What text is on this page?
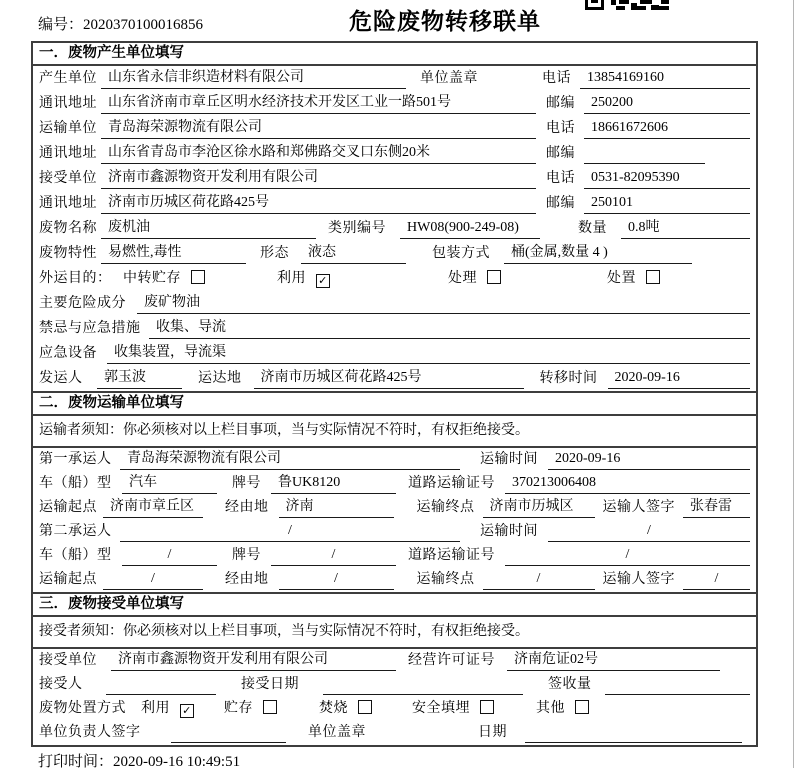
编号：2020370100016856	危险废物转移联单
一．废物产生单位填写
产生单位 山东省永信非织造材料有限公司	单位盖章	电话	13854169160
通讯地址 山东省济南市章丘区明水经济技术开发区工业一路501号	邮编	250200
运输单位 青岛海荣源物流有限公司	电话	18661672606
通讯地址 山东省青岛市李沧区徐水路和郑佛路交叉口东侧20米	邮编
接受单位 济南市鑫源物资开发利用有限公司	电话	0531-82095390
通讯地址 济南市历城区荷花路425号	邮编	250101
废物名称 废机油	类别编号	HW08(900-249-08)	数量	0.8吨
废物特性 易燃性,毒性	形态	液态	包装方式	桶(金属,数量 4 )
外运目的： 中转贮存	利用 ✓	处理	处置
主要危险成分	废矿物油
禁忌与应急措施	收集、导流
应急设备	收集装置，导流渠
发运人	郭玉波	运达地	济南市历城区荷花路425号	转移时间	2020-09-16
二．废物运输单位填写
运输者须知：你必须核对以上栏目事项，当与实际情况不符时，有权拒绝接受。
第一承运人	青岛海荣源物流有限公司	运输时间	2020-09-16
车（船）型	汽车	牌号	鲁UK8120	道路运输证号	370213006408
运输起点 济南市章丘区	经由地	济南	运输终点	济南市历城区	运输人签字	张春雷
第二承运人	/	运输时间	/
车（船）型	/	牌号	/	道路运输证号	/
运输起点	/	经由地	/	运输终点	/	运输人签字	/
三．废物接受单位填写
接受者须知：你必须核对以上栏目事项，当与实际情况不符时，有权拒绝接受。
接受单位	济南市鑫源物资开发利用有限公司	经营许可证号	济南危证02号
接受人	接受日期	签收量
废物处置方式 利用 ✓ 贮存	焚烧	安全填埋	其他
单位负责人签字	单位盖章	日期
打印时间：2020-09-16 10:49:51
